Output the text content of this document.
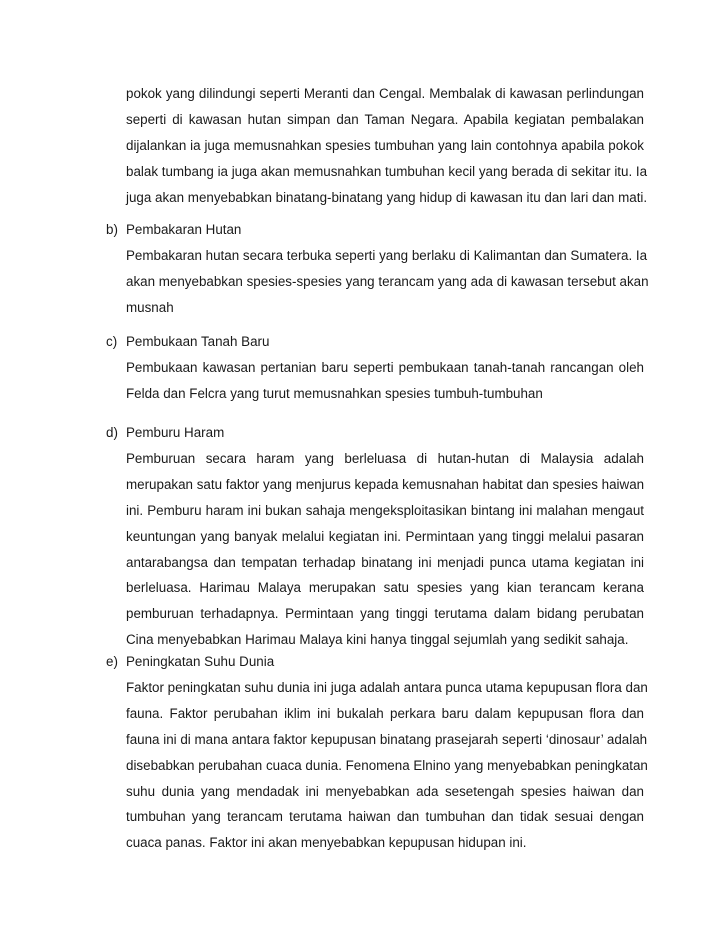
pokok yang dilindungi seperti Meranti dan Cengal. Membalak di kawasan perlindungan
seperti di kawasan hutan simpan dan Taman Negara. Apabila kegiatan pembalakan
dijalankan ia juga memusnahkan spesies tumbuhan yang lain contohnya apabila pokok
balak tumbang ia juga akan memusnahkan tumbuhan kecil yang berada di sekitar itu. Ia
juga akan menyebabkan binatang-binatang yang hidup di kawasan itu dan lari dan mati.
b) Pembakaran Hutan
Pembakaran hutan secara terbuka seperti yang berlaku di Kalimantan dan Sumatera. Ia
akan menyebabkan spesies-spesies yang terancam yang ada di kawasan tersebut akan
musnah
c) Pembukaan Tanah Baru
Pembukaan kawasan pertanian baru seperti pembukaan tanah-tanah rancangan oleh
Felda dan Felcra yang turut memusnahkan spesies tumbuh-tumbuhan
d) Pemburu Haram
Pemburuan secara haram yang berleluasa di hutan-hutan di Malaysia adalah
merupakan satu faktor yang menjurus kepada kemusnahan habitat dan spesies haiwan
ini. Pemburu haram ini bukan sahaja mengeksploitasikan bintang ini malahan mengaut
keuntungan yang banyak melalui kegiatan ini. Permintaan yang tinggi melalui pasaran
antarabangsa dan tempatan terhadap binatang ini menjadi punca utama kegiatan ini
berleluasa. Harimau Malaya merupakan satu spesies yang kian terancam kerana
pemburuan terhadapnya. Permintaan yang tinggi terutama dalam bidang perubatan
Cina menyebabkan Harimau Malaya kini hanya tinggal sejumlah yang sedikit sahaja.
e) Peningkatan Suhu Dunia
Faktor peningkatan suhu dunia ini juga adalah antara punca utama kepupusan flora dan
fauna. Faktor perubahan iklim ini bukalah perkara baru dalam kepupusan flora dan
fauna ini di mana antara faktor kepupusan binatang prasejarah seperti ‘dinosaur’ adalah
disebabkan perubahan cuaca dunia. Fenomena Elnino yang menyebabkan peningkatan
suhu dunia yang mendadak ini menyebabkan ada sesetengah spesies haiwan dan
tumbuhan yang terancam terutama haiwan dan tumbuhan dan tidak sesuai dengan
cuaca panas. Faktor ini akan menyebabkan kepupusan hidupan ini.
